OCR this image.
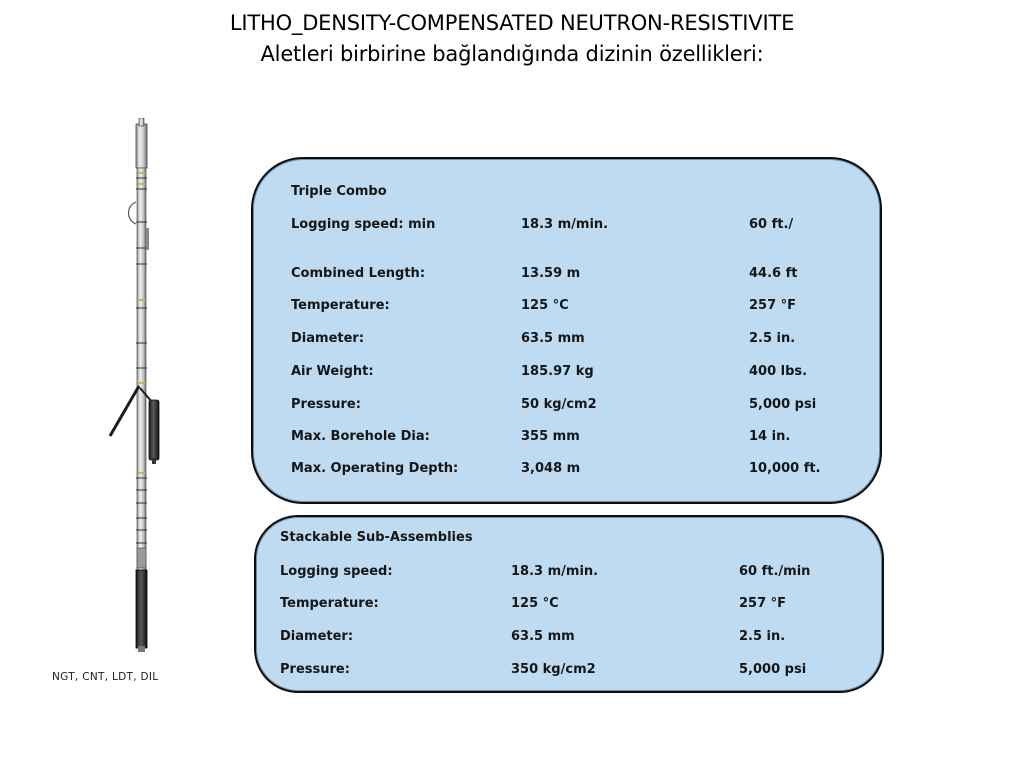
LITHO_DENSITY-COMPENSATED NEUTRON-RESISTIVITE
Aletleri birbirine bağlandığında dizinin özellikleri:
NGT, CNT, LDT, DIL
Triple Combo
Logging speed: min	18.3 m/min.	60 ft./
Combined Length:	13.59 m	44.6 ft
Temperature:	125 °C	257 °F
Diameter:	63.5 mm	2.5 in.
Air Weight:	185.97 kg	400 lbs.
Pressure:	50 kg/cm2	5,000 psi
Max. Borehole Dia:	355 mm	14 in.
Max. Operating Depth:	3,048 m	10,000 ft.
Stackable Sub-Assemblies
Logging speed:	18.3 m/min.	60 ft./min
Temperature:	125 °C	257 °F
Diameter:	63.5 mm	2.5 in.
Pressure:	350 kg/cm2	5,000 psi
